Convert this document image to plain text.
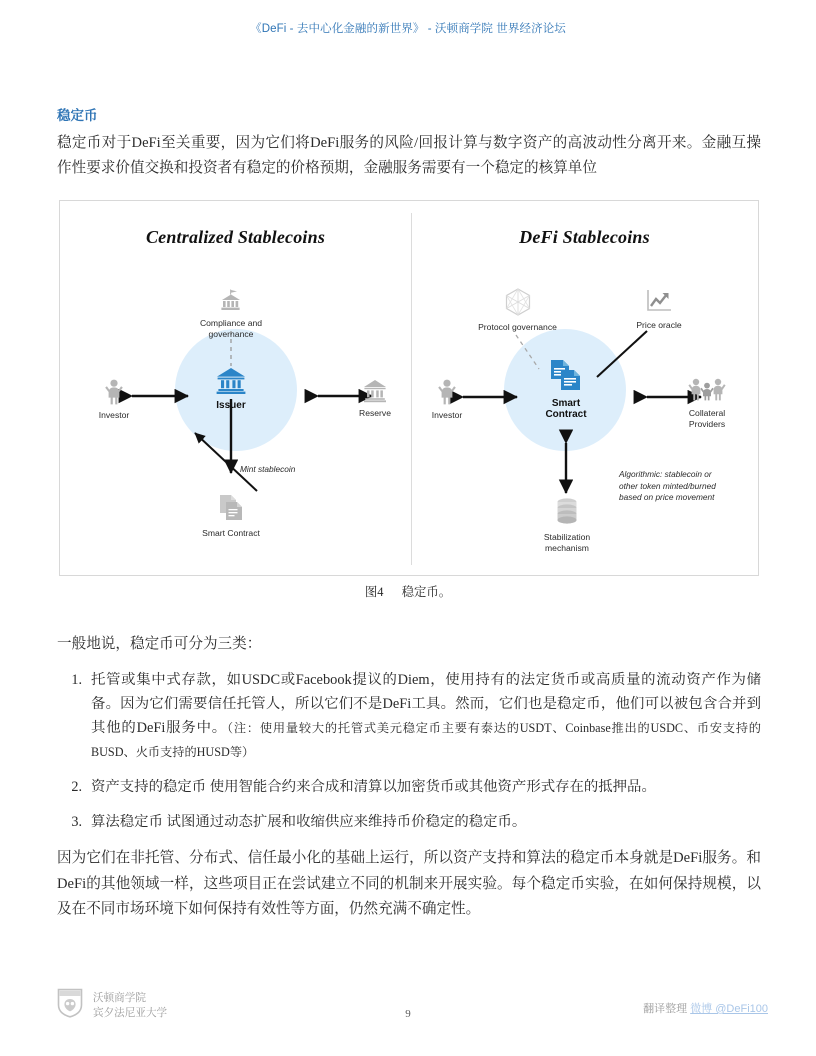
《DeFi - 去中心化金融的新世界》 - 沃顿商学院 世界经济论坛
稳定币
稳定币对于DeFi至关重要，因为它们将DeFi服务的风险/回报计算与数字资产的高波动性分离开来。金融互操作性要求价值交换和投资者有稳定的价格预期，金融服务需要有一个稳定的核算单位
Centralized Stablecoins
Compliance and
governance
Investor
Issuer
Reserve
Mint stablecoin
Smart Contract
DeFi Stablecoins
Protocol governance	Price oracle
Investor
Smart
Contract	Collateral
Providers
Stabilization
mechanism
Algorithmic: stablecoin or
other token minted/burned
based on price movement
图4 稳定币。
一般地说，稳定币可分为三类：
1. 托管或集中式存款，如USDC或Facebook提议的Diem，使用持有的法定货币或高质量的流动资产作为储备。因为它们需要信任托管人，所以它们不是DeFi工具。然而，它们也是稳定币，他们可以被包含合并到其他的DeFi服务中。（注：使用量较大的托管式美元稳定币主要有泰达的USDT、Coinbase推出的USDC、币安支持的BUSD、火币支持的HUSD等）
2. 资产支持的稳定币 使用智能合约来合成和清算以加密货币或其他资产形式存在的抵押品。
3. 算法稳定币 试图通过动态扩展和收缩供应来维持币价稳定的稳定币。
因为它们在非托管、分布式、信任最小化的基础上运行，所以资产支持和算法的稳定币本身就是DeFi服务。和DeFi的其他领域一样，这些项目正在尝试建立不同的机制来开展实验。每个稳定币实验，在如何保持规模，以及在不同市场环境下如何保持有效性等方面，仍然充满不确定性。
沃顿商学院
宾夕法尼亚大学	9	翻译整理 微博 @DeFi100
